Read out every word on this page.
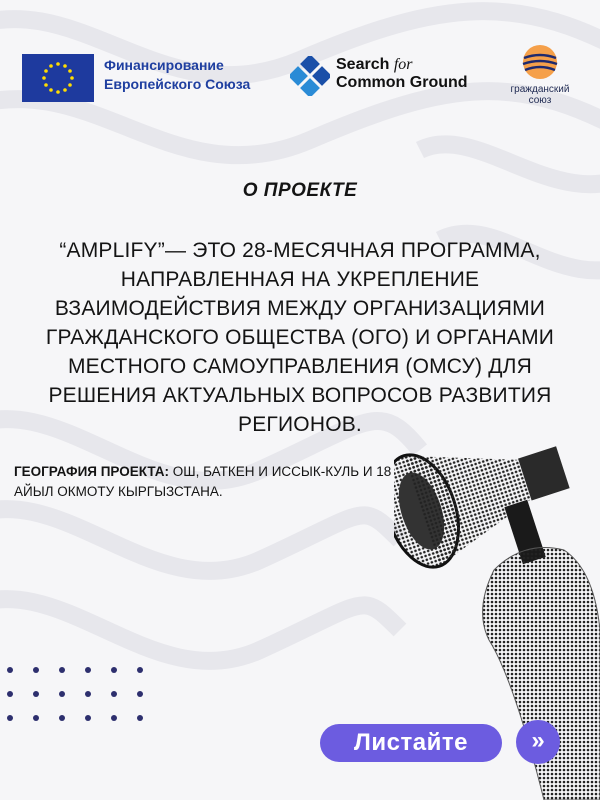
Финансирование
Европейского Союза
Search for
Common Ground	гражданский
союз
О ПРОЕКТЕ
“AMPLIFY”— ЭТО 28-МЕСЯЧНАЯ ПРОГРАММА, НАПРАВЛЕННАЯ НА УКРЕПЛЕНИЕ ВЗАИМОДЕЙСТВИЯ МЕЖДУ ОРГАНИЗАЦИЯМИ ГРАЖДАНСКОГО ОБЩЕСТВА (ОГО) И ОРГАНАМИ МЕСТНОГО САМОУПРАВЛЕНИЯ (ОМСУ) ДЛЯ РЕШЕНИЯ АКТУАЛЬНЫХ ВОПРОСОВ РАЗВИТИЯ РЕГИОНОВ.
ГЕОГРАФИЯ ПРОЕКТА: ОШ, БАТКЕН И ИССЫК-КУЛЬ И 18 АЙЫЛ ОКМОТУ КЫРГЫЗСТАНА.
Листайте	»
